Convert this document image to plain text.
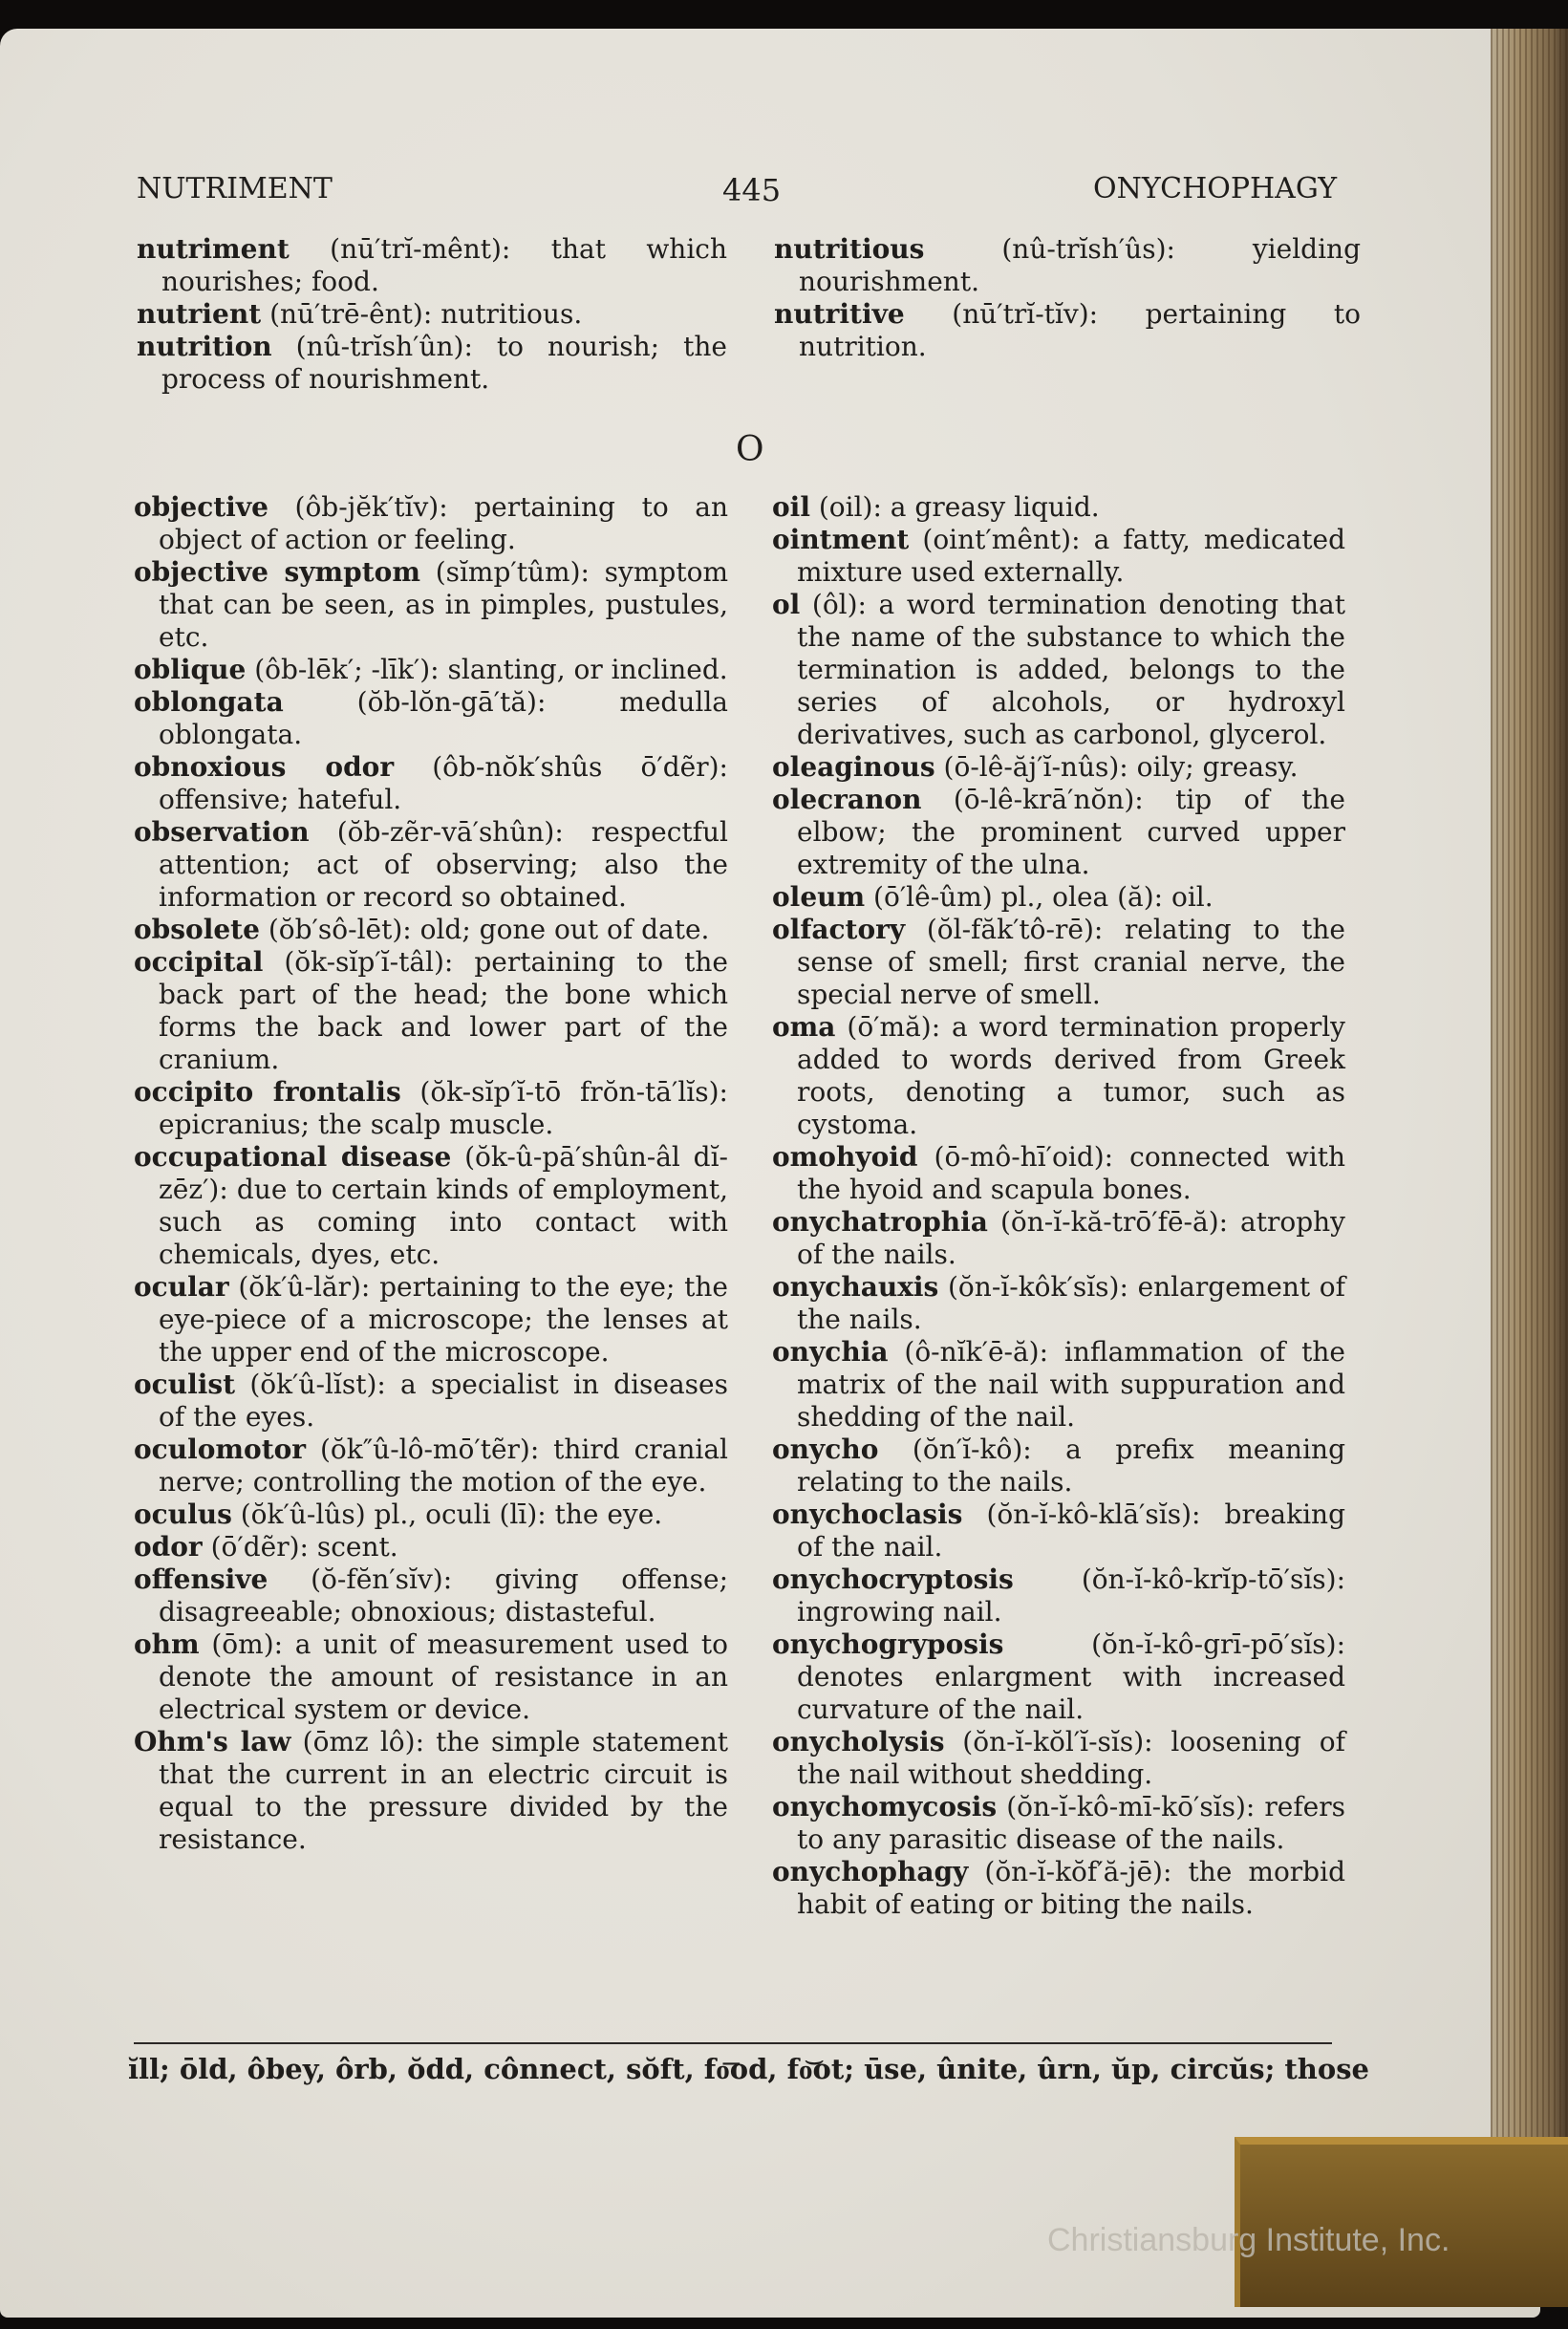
NUTRIMENT	445	ONYCHOPHAGY
nutriment (nū′trĭ-mênt): that which nourishes; food.
nutrient (nū′trē-ênt): nutritious.
nutrition (nû-trĭsh′ûn): to nourish; the process of nourishment.
nutritious	(nû-trĭsh′ûs): yielding nourishment.
nutritive (nū′trĭ-tĭv): pertaining to nutrition.
O
objective (ôb-jĕk′tĭv): pertaining to an object of action or feeling.
objective symptom (sĭmp′tûm): symptom that can be seen, as in pimples, pustules, etc.
oblique (ôb-lēk′; -līk′): slanting, or inclined.
oblongata	(ŏb-lŏn-gā′tă): medulla oblongata.
obnoxious odor (ôb-nŏk′shûs ō′dẽr): offensive; hateful.
observation (ŏb-zẽr-vā′shûn): respectful attention; act of observing; also the information or record so obtained.
obsolete (ŏb′sô-lēt): old; gone out of date.
occipital (ŏk-sĭp′ĭ-tâl): pertaining to the back part of the head; the bone which forms the back and lower part of the cranium.
occipito frontalis (ŏk-sĭp′ĭ-tō frŏn-tā′lĭs): epicranius; the scalp muscle.
occupational disease (ŏk-û-pā′shûn-âl dĭ-zēz′): due to certain kinds of employment, such as coming into contact with chemicals, dyes, etc.
ocular (ŏk′û-lăr): pertaining to the eye; the eye-piece of a microscope; the lenses at the upper end of the microscope.
oculist (ŏk′û-lĭst): a specialist in diseases of the eyes.
oculomotor (ŏk″û-lô-mō′tẽr): third cranial nerve; controlling the motion of the eye.
oculus (ŏk′û-lûs) pl., oculi (lī): the eye.
odor (ō′dẽr): scent.
offensive (ŏ-fĕn′sĭv): giving offense; disagreeable; obnoxious; distasteful.
ohm (ōm): a unit of measurement used to denote the amount of resistance in an electrical system or device.
Ohm's law (ōmz lô): the simple statement that the current in an electric circuit is equal to the pressure divided by the resistance.
oil (oil): a greasy liquid.
ointment (oint′mênt): a fatty, medicated mixture used externally.
ol (ôl): a word termination denoting that the name of the substance to which the termination is added, belongs to the series of alcohols, or hydroxyl derivatives, such as carbonol, glycerol.
oleaginous (ō-lê-ăj′ĭ-nûs): oily; greasy.
olecranon (ō-lê-krā′nŏn): tip of the elbow; the prominent curved upper extremity of the ulna.
oleum (ō′lê-ûm) pl., olea (ă): oil.
olfactory (ŏl-făk′tô-rē): relating to the sense of smell; first cranial nerve, the special nerve of smell.
oma (ō′mă): a word termination properly added to words derived from Greek roots, denoting a tumor, such as cystoma.
omohyoid (ō-mô-hī′oid): connected with the hyoid and scapula bones.
onychatrophia (ŏn-ĭ-kă-trō′fē-ă): atrophy of the nails.
onychauxis (ŏn-ĭ-kôk′sĭs): enlargement of the nails.
onychia (ô-nĭk′ē-ă): inflammation of the matrix of the nail with suppuration and shedding of the nail.
onycho (ŏn′ĭ-kô): a prefix meaning relating to the nails.
onychoclasis (ŏn-ĭ-kô-klā′sĭs): breaking of the nail.
onychocryptosis	(ŏn-ĭ-kô-krĭp-tō′sĭs): ingrowing nail.
onychogryposis	(ŏn-ĭ-kô-grī-pō′sĭs): denotes enlargment with increased curvature of the nail.
onycholysis (ŏn-ĭ-kŏl′ĭ-sĭs): loosening of the nail without shedding.
onychomycosis (ŏn-ĭ-kô-mī-kō′sĭs): refers to any parasitic disease of the nails.
onychophagy (ŏn-ĭ-kŏf′ă-jē): the morbid habit of eating or biting the nails.
ĭll; ōld, ôbey, ôrb, ŏdd, cônnect, sŏft, fo͞od, fo͝ot; ūse, ûnite, ûrn, ŭp, circŭs; those
Christiansburg Institute, Inc.
